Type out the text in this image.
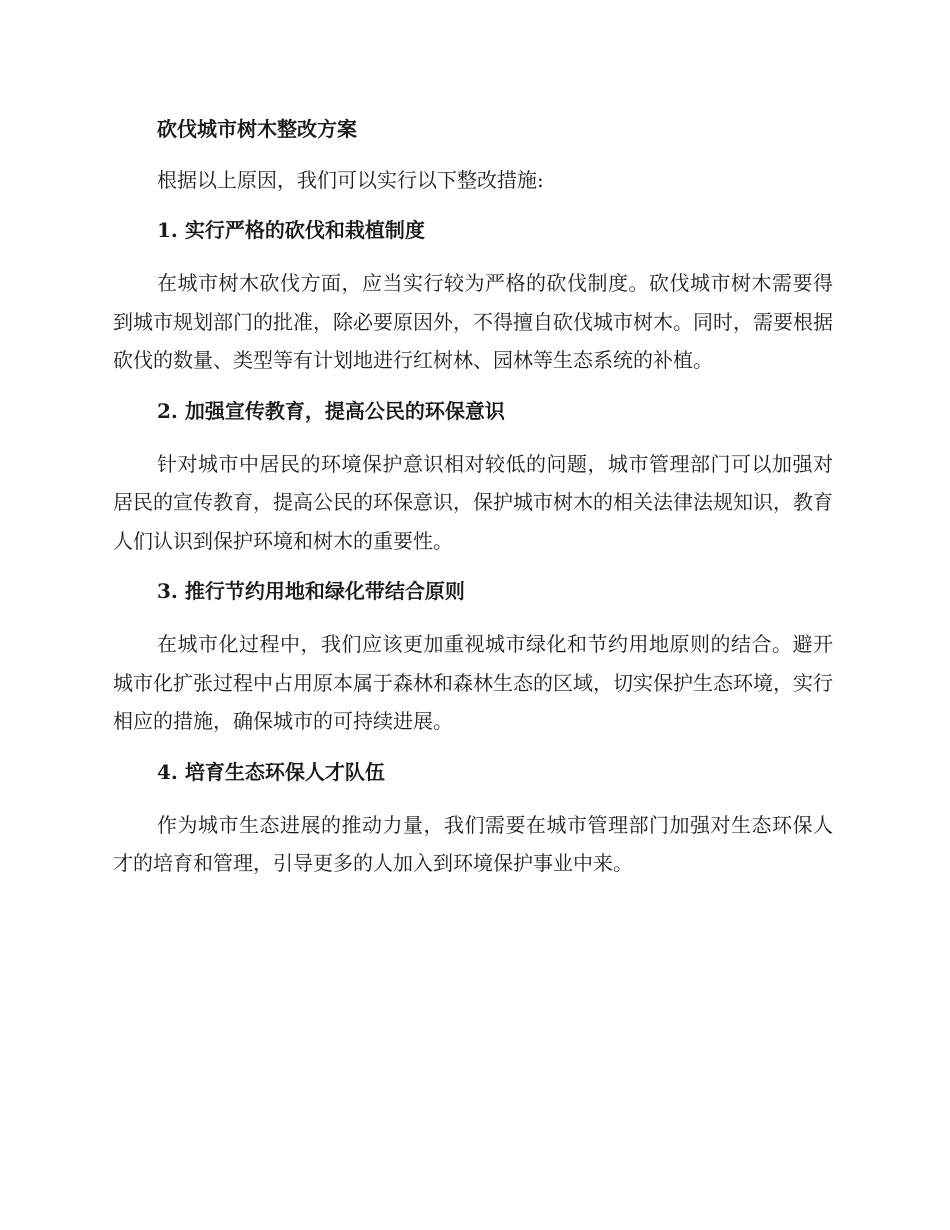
砍伐城市树木整改方案

根据以上原因，我们可以实行以下整改措施:

1. 实行严格的砍伐和栽植制度

在城市树木砍伐方面，应当实行较为严格的砍伐制度。砍伐城市树木需要得到城市规划部门的批准，除必要原因外，不得擅自砍伐城市树木。同时，需要根据砍伐的数量、类型等有计划地进行红树林、园林等生态系统的补植。

2. 加强宣传教育，提高公民的环保意识

针对城市中居民的环境保护意识相对较低的问题，城市管理部门可以加强对居民的宣传教育，提高公民的环保意识，保护城市树木的相关法律法规知识，教育人们认识到保护环境和树木的重要性。

3. 推行节约用地和绿化带结合原则

在城市化过程中，我们应该更加重视城市绿化和节约用地原则的结合。避开城市化扩张过程中占用原本属于森林和森林生态的区域，切实保护生态环境，实行相应的措施，确保城市的可持续进展。

4. 培育生态环保人才队伍

作为城市生态进展的推动力量，我们需要在城市管理部门加强对生态环保人才的培育和管理，引导更多的人加入到环境保护事业中来。
